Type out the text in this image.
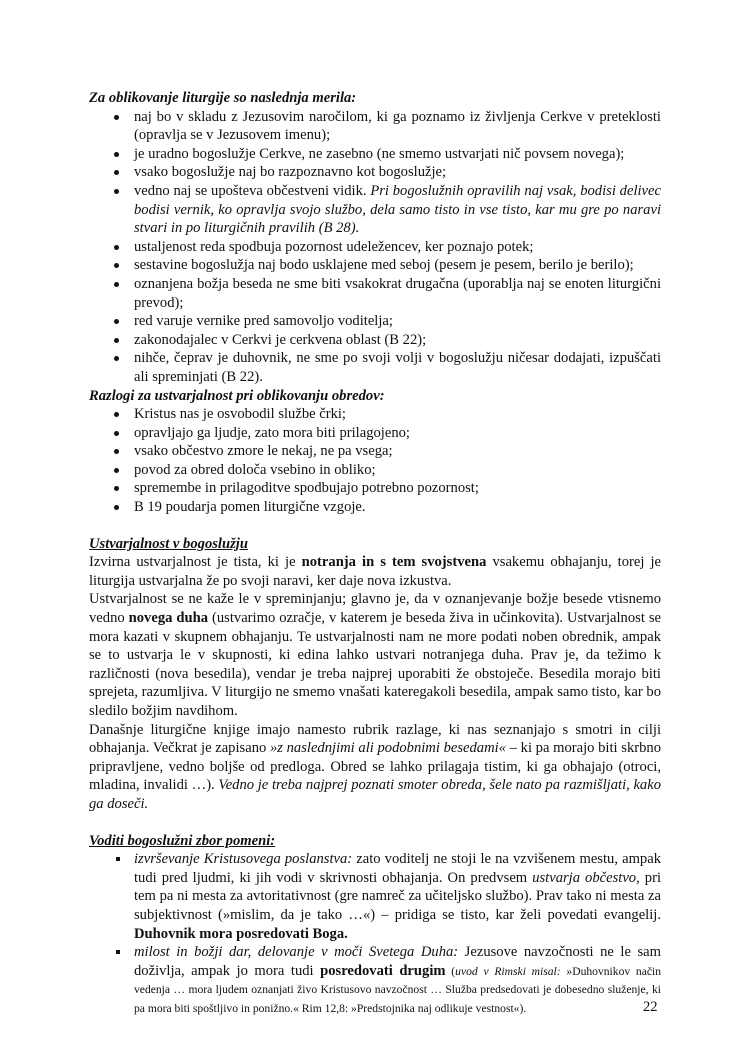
Za oblikovanje liturgije so naslednja merila:
naj bo v skladu z Jezusovim naročilom, ki ga poznamo iz življenja Cerkve v preteklosti (opravlja se v Jezusovem imenu);
je uradno bogoslužje Cerkve, ne zasebno (ne smemo ustvarjati nič povsem novega);
vsako bogoslužje naj bo razpoznavno kot bogoslužje;
vedno naj se upošteva občestveni vidik. Pri bogoslužnih opravilih naj vsak, bodisi delivec bodisi vernik, ko opravlja svojo službo, dela samo tisto in vse tisto, kar mu gre po naravi stvari in po liturgičnih pravilih (B 28).
ustaljenost reda spodbuja pozornost udeležencev, ker poznajo potek;
sestavine bogoslužja naj bodo usklajene med seboj (pesem je pesem, berilo je berilo);
oznanjena božja beseda ne sme biti vsakokrat drugačna (uporablja naj se enoten liturgični prevod);
red varuje vernike pred samovoljo voditelja;
zakonodajalec v Cerkvi je cerkvena oblast (B 22);
nihče, čeprav je duhovnik, ne sme po svoji volji v bogoslužju ničesar dodajati, izpuščati ali spreminjati (B 22).
Razlogi za ustvarjalnost pri oblikovanju obredov:
Kristus nas je osvobodil službe črki;
opravljajo ga ljudje, zato mora biti prilagojeno;
vsako občestvo zmore le nekaj, ne pa vsega;
povod za obred določa vsebino in obliko;
spremembe in prilagoditve spodbujajo potrebno pozornost;
B 19 poudarja pomen liturgične vzgoje.
Ustvarjalnost v bogoslužju

Izvirna ustvarjalnost je tista, ki je notranja in s tem svojstvena vsakemu obhajanju, torej je liturgija ustvarjalna že po svoji naravi, ker daje nova izkustva.

Ustvarjalnost se ne kaže le v spreminjanju; glavno je, da v oznanjevanje božje besede vtisnemo vedno novega duha (ustvarimo ozračje, v katerem je beseda živa in učinkovita). Ustvarjalnost se mora kazati v skupnem obhajanju. Te ustvarjalnosti nam ne more podati noben obrednik, ampak se to ustvarja le v skupnosti, ki edina lahko ustvari notranjega duha. Prav je, da težimo k različnosti (nova besedila), vendar je treba najprej uporabiti že obstoječe. Besedila morajo biti sprejeta, razumljiva. V liturgijo ne smemo vnašati kateregakoli besedila, ampak samo tisto, kar bo sledilo božjim navdihom.

Današnje liturgične knjige imajo namesto rubrik razlage, ki nas seznanjajo s smotri in cilji obhajanja. Večkrat je zapisano »z naslednjimi ali podobnimi besedami« – ki pa morajo biti skrbno pripravljene, vedno boljše od predloga. Obred se lahko prilagaja tistim, ki ga obhajajo (otroci, mladina, invalidi …). Vedno je treba najprej poznati smoter obreda, šele nato pa razmišljati, kako ga doseči.

Voditi bogoslužni zbor pomeni:
izvrševanje Kristusovega poslanstva: zato voditelj ne stoji le na vzvišenem mestu, ampak tudi pred ljudmi, ki jih vodi v skrivnosti obhajanja. On predvsem ustvarja občestvo, pri tem pa ni mesta za avtoritativnost (gre namreč za učiteljsko službo). Prav tako ni mesta za subjektivnost (»mislim, da je tako …«) – pridiga se tisto, kar želi povedati evangelij. Duhovnik mora posredovati Boga.
milost in božji dar, delovanje v moči Svetega Duha: Jezusove navzočnosti ne le sam doživlja, ampak jo mora tudi posredovati drugim (uvod v Rimski misal: »Duhovnikov način vedenja … mora ljudem oznanjati živo Kristusovo navzočnost … Služba predsedovati je dobesedno služenje, ki pa mora biti spoštljivo in ponižno.« Rim 12,8: »Predstojnika naj odlikuje vestnost«).	22
